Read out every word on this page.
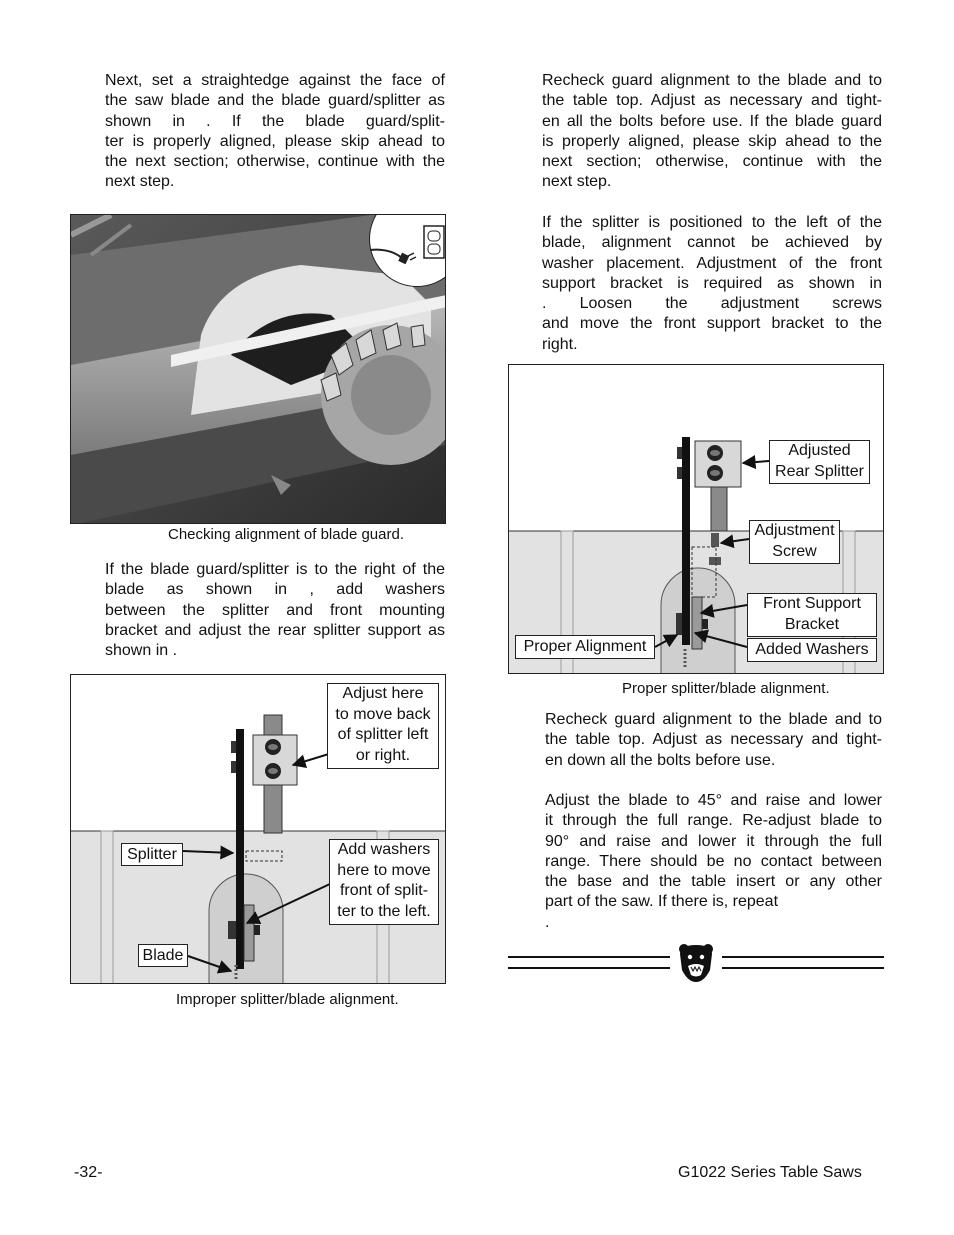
Next, set a straightedge against the face of
the saw blade and the blade guard/splitter as
shown in . If the blade guard/split-
ter is properly aligned, please skip ahead to
the next section; otherwise, continue with the
next step.
Checking alignment of blade guard.
If the blade guard/splitter is to the right of the
blade as shown in , add washers
between the splitter and front mounting
bracket and adjust the rear splitter support as
shown in .
Adjust here
to move back
of splitter left
or right.
Add washers
here to move
front of split-
ter to the left.
Splitter
Blade
Improper splitter/blade alignment.
Recheck guard alignment to the blade and to
the table top. Adjust as necessary and tight-
en all the bolts before use. If the blade guard
is properly aligned, please skip ahead to the
next section; otherwise, continue with the
next step.
If the splitter is positioned to the left of the
blade, alignment cannot be achieved by
washer placement. Adjustment of the front
support bracket is required as shown in
. Loosen the adjustment screws
and move the front support bracket to the
right.
Adjusted
Rear Splitter
Adjustment
Screw
Front Support
Bracket
Added Washers
Proper Alignment
Proper splitter/blade alignment.
Recheck guard alignment to the blade and to
the table top. Adjust as necessary and tight-
en down all the bolts before use.
Adjust the blade to 45° and raise and lower
it through the full range. Re-adjust blade to
90° and raise and lower it through the full
range. There should be no contact between
the base and the table insert or any other
part of the saw. If there is, repeat
.
-32-	G1022 Series Table Saws
